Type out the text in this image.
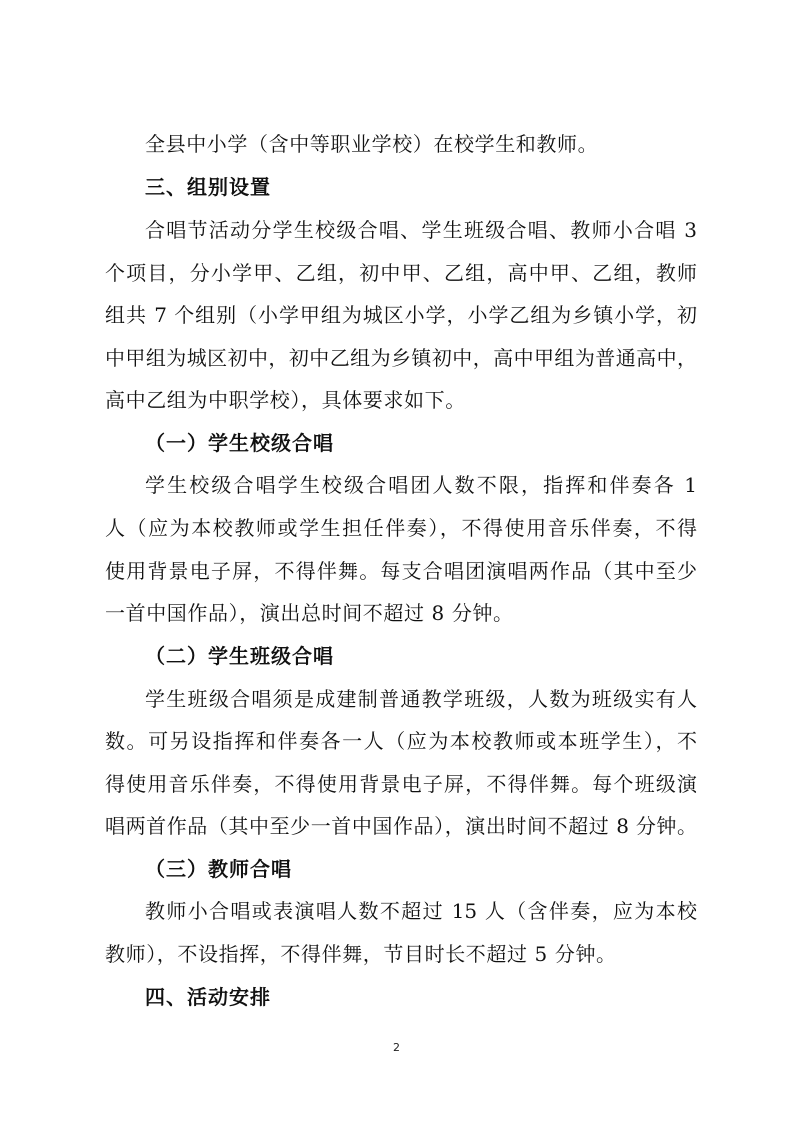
全县中小学（含中等职业学校）在校学生和教师。
三、组别设置
合唱节活动分学生校级合唱、学生班级合唱、教师小合唱 3
个项目，分小学甲、乙组，初中甲、乙组，高中甲、乙组，教师
组共 7 个组别（小学甲组为城区小学，小学乙组为乡镇小学，初
中甲组为城区初中，初中乙组为乡镇初中，高中甲组为普通高中，
高中乙组为中职学校），具体要求如下。
（一）学生校级合唱
学生校级合唱学生校级合唱团人数不限，指挥和伴奏各 1
人（应为本校教师或学生担任伴奏），不得使用音乐伴奏，不得
使用背景电子屏，不得伴舞。每支合唱团演唱两作品（其中至少
一首中国作品），演出总时间不超过 8 分钟。
（二）学生班级合唱
学生班级合唱须是成建制普通教学班级，人数为班级实有人
数。可另设指挥和伴奏各一人（应为本校教师或本班学生），不
得使用音乐伴奏，不得使用背景电子屏，不得伴舞。每个班级演
唱两首作品（其中至少一首中国作品），演出时间不超过 8 分钟。
（三）教师合唱
教师小合唱或表演唱人数不超过 15 人（含伴奏，应为本校
教师），不设指挥，不得伴舞，节目时长不超过 5 分钟。
四、活动安排
2
